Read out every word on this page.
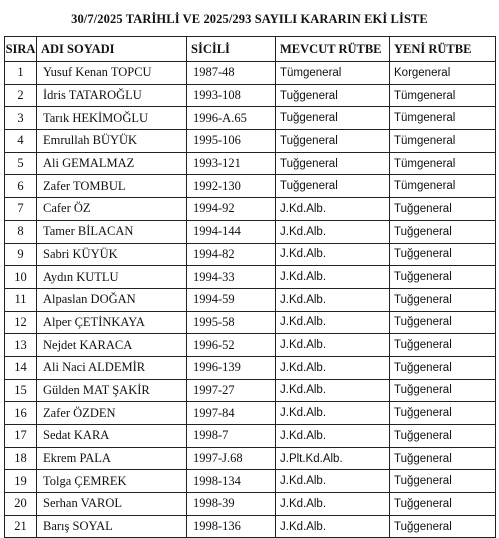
30/7/2025 TARİHLİ VE 2025/293 SAYILI KARARIN EKİ LİSTE
SIRA	ADI SOYADI	SİCİLİ	MEVCUT RÜTBE	YENİ RÜTBE
1	Yusuf Kenan TOPCU	1987-48	Tümgeneral	Korgeneral
2	İdris TATAROĞLU	1993-108	Tuğgeneral	Tümgeneral
3	Tarık HEKİMOĞLU	1996-A.65	Tuğgeneral	Tümgeneral
4	Emrullah BÜYÜK	1995-106	Tuğgeneral	Tümgeneral
5	Ali GEMALMAZ	1993-121	Tuğgeneral	Tümgeneral
6	Zafer TOMBUL	1992-130	Tuğgeneral	Tümgeneral
7	Cafer ÖZ	1994-92	J.Kd.Alb.	Tuğgeneral
8	Tamer BİLACAN	1994-144	J.Kd.Alb.	Tuğgeneral
9	Sabri KÜYÜK	1994-82	J.Kd.Alb.	Tuğgeneral
10	Aydın KUTLU	1994-33	J.Kd.Alb.	Tuğgeneral
11	Alpaslan DOĞAN	1994-59	J.Kd.Alb.	Tuğgeneral
12	Alper ÇETİNKAYA	1995-58	J.Kd.Alb.	Tuğgeneral
13	Nejdet KARACA	1996-52	J.Kd.Alb.	Tuğgeneral
14	Ali Naci ALDEMİR	1996-139	J.Kd.Alb.	Tuğgeneral
15	Gülden MAT ŞAKİR	1997-27	J.Kd.Alb.	Tuğgeneral
16	Zafer ÖZDEN	1997-84	J.Kd.Alb.	Tuğgeneral
17	Sedat KARA	1998-7	J.Kd.Alb.	Tuğgeneral
18	Ekrem PALA	1997-J.68	J.Plt.Kd.Alb.	Tuğgeneral
19	Tolga ÇEMREK	1998-134	J.Kd.Alb.	Tuğgeneral
20	Serhan VAROL	1998-39	J.Kd.Alb.	Tuğgeneral
21	Barış SOYAL	1998-136	J.Kd.Alb.	Tuğgeneral
